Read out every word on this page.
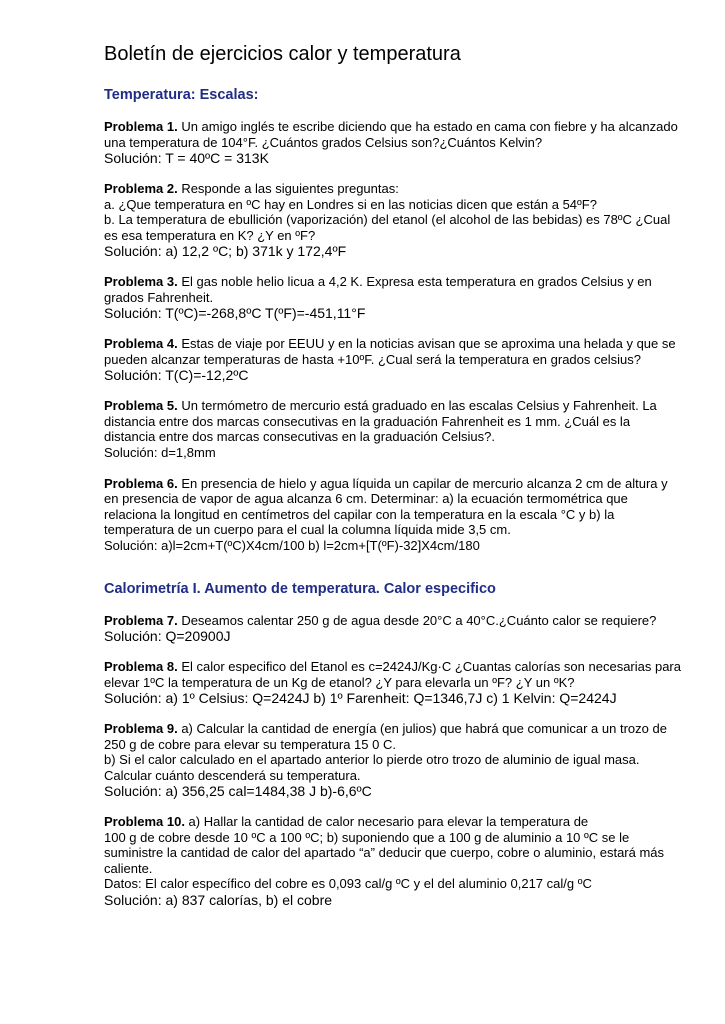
Boletín de ejercicios calor y temperatura
Temperatura: Escalas:

Problema 1. Un amigo inglés te escribe diciendo que ha estado en cama con fiebre y ha alcanzado una temperatura de 104°F. ¿Cuántos grados Celsius son?¿Cuántos Kelvin?

Solución: T = 40ºC = 313K

Problema 2. Responde a las siguientes preguntas:

a. ¿Que temperatura en ºC hay en Londres si en las noticias dicen que están a 54ºF?

b. La temperatura de ebullición (vaporización) del etanol (el alcohol de las bebidas) es 78ºC ¿Cual es esa temperatura en K? ¿Y en ºF?

Solución: a) 12,2 ºC; b) 371k y 172,4ºF

Problema 3. El gas noble helio licua a 4,2 K. Expresa esta temperatura en grados Celsius y en grados Fahrenheit.

Solución: T(ºC)=-268,8ºC T(ºF)=-451,11°F

Problema 4. Estas de viaje por EEUU y en la noticias avisan que se aproxima una helada y que se pueden alcanzar temperaturas de hasta +10ºF. ¿Cual será la temperatura en grados celsius?

Solución: T(C)=-12,2ºC

Problema 5. Un termómetro de mercurio está graduado en las escalas Celsius y Fahrenheit. La distancia entre dos marcas consecutivas en la graduación Fahrenheit es 1 mm. ¿Cuál es la distancia entre dos marcas consecutivas en la graduación Celsius?.

Solución: d=1,8mm

Problema 6. En presencia de hielo y agua líquida un capilar de mercurio alcanza 2 cm de altura y en presencia de vapor de agua alcanza 6 cm. Determinar: a) la ecuación termométrica que relaciona la longitud en centímetros del capilar con la temperatura en la escala °C y b) la temperatura de un cuerpo para el cual la columna líquida mide 3,5 cm.

Solución: a)l=2cm+T(ºC)X4cm/100 b) l=2cm+[T(ºF)-32]X4cm/180

Calorimetría I. Aumento de temperatura. Calor especifico

Problema 7. Deseamos calentar 250 g de agua desde 20°C a 40°C.¿Cuánto calor se requiere?

Solución: Q=20900J

Problema 8. El calor especifico del Etanol es c=2424J/Kg·C ¿Cuantas calorías son necesarias para elevar 1ºC la temperatura de un Kg de etanol? ¿Y para elevarla un ºF? ¿Y un ºK?

Solución: a) 1º Celsius: Q=2424J b) 1º Farenheit: Q=1346,7J c) 1 Kelvin: Q=2424J

Problema 9. a) Calcular la cantidad de energía (en julios) que habrá que comunicar a un trozo de 250 g de cobre para elevar su temperatura 15 0 C.

b) Si el calor calculado en el apartado anterior lo pierde otro trozo de aluminio de igual masa. Calcular cuánto descenderá su temperatura.

Solución: a) 356,25 cal=1484,38 J b)-6,6ºC

Problema 10. a) Hallar la cantidad de calor necesario para elevar la temperatura de

100 g de cobre desde 10 ºC a 100 ºC; b) suponiendo que a 100 g de aluminio a 10 ºC se le suministre la cantidad de calor del apartado “a” deducir que cuerpo, cobre o aluminio, estará más caliente.

Datos: El calor específico del cobre es 0,093 cal/g ºC y el del aluminio 0,217 cal/g ºC

Solución: a) 837 calorías, b) el cobre
